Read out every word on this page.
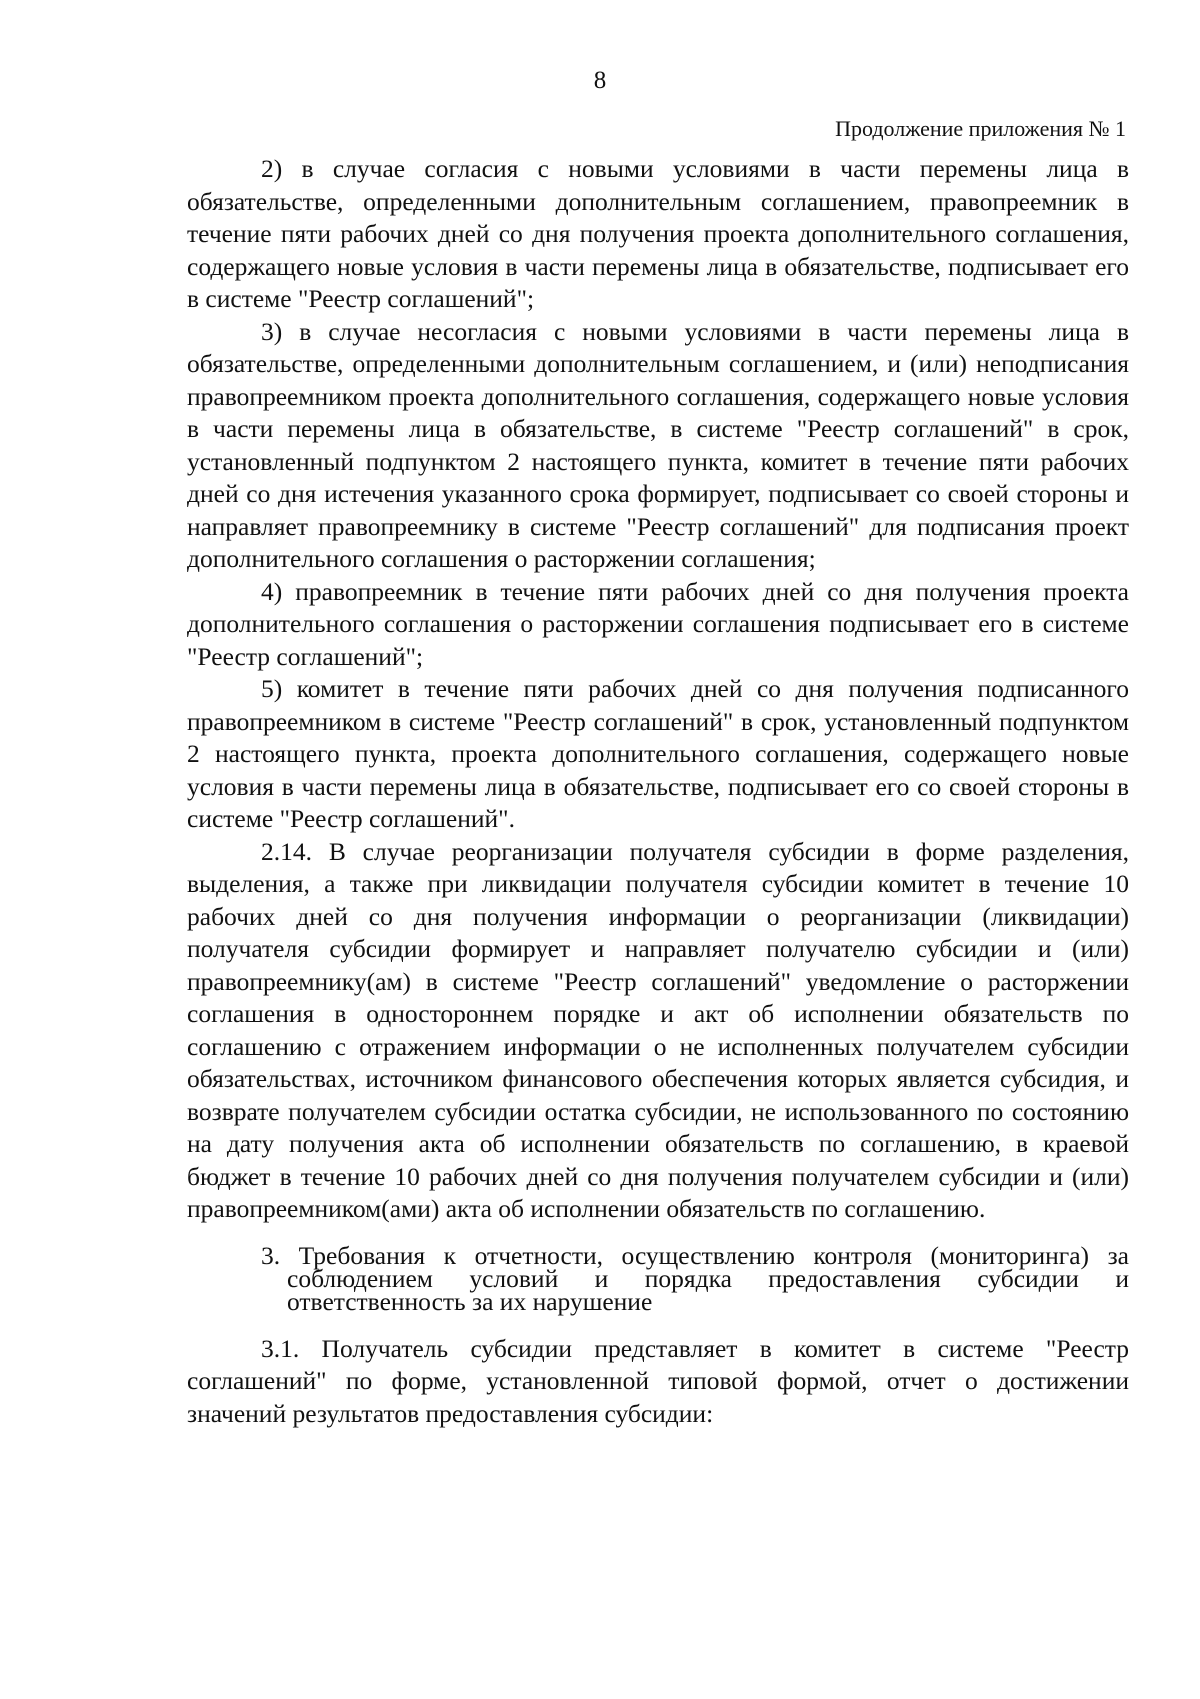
8
Продолжение приложения № 1

2) в случае согласия с новыми условиями в части перемены лица в обязательстве, определенными дополнительным соглашением, правопреемник в течение пяти рабочих дней со дня получения проекта дополнительного соглашения, содержащего новые условия в части перемены лица в обязательстве, подписывает его в системе "Реестр соглашений";

3) в случае несогласия с новыми условиями в части перемены лица в обязательстве, определенными дополнительным соглашением, и (или) неподписания правопреемником проекта дополнительного соглашения, содержащего новые условия в части перемены лица в обязательстве, в системе "Реестр соглашений" в срок, установленный подпунктом 2 настоящего пункта, комитет в течение пяти рабочих дней со дня истечения указанного срока формирует, подписывает со своей стороны и направляет правопреемнику в системе "Реестр соглашений" для подписания проект дополнительного соглашения о расторжении соглашения;

4) правопреемник в течение пяти рабочих дней со дня получения проекта дополнительного соглашения о расторжении соглашения подписывает его в системе "Реестр соглашений";

5) комитет в течение пяти рабочих дней со дня получения подписанного правопреемником в системе "Реестр соглашений" в срок, установленный подпунктом 2 настоящего пункта, проекта дополнительного соглашения, содержащего новые условия в части перемены лица в обязательстве, подписывает его со своей стороны в системе "Реестр соглашений".

2.14. В случае реорганизации получателя субсидии в форме разделения, выделения, а также при ликвидации получателя субсидии комитет в течение 10 рабочих дней со дня получения информации о реорганизации (ликвидации) получателя субсидии формирует и направляет получателю субсидии и (или) правопреемнику(ам) в системе "Реестр соглашений" уведомление о расторжении соглашения в одностороннем порядке и акт об исполнении обязательств по соглашению с отражением информации о не исполненных получателем субсидии обязательствах, источником финансового обеспечения которых является субсидия, и возврате получателем субсидии остатка субсидии, не использованного по состоянию на дату получения акта об исполнении обязательств по соглашению, в краевой бюджет в течение 10 рабочих дней со дня получения получателем субсидии и (или) правопреемником(ами) акта об исполнении обязательств по соглашению.

3. Требования к отчетности, осуществлению контроля (мониторинга) за соблюдением условий и порядка предоставления субсидии и ответственность за их нарушение

3.1. Получатель субсидии представляет в комитет в системе "Реестр соглашений" по форме, установленной типовой формой, отчет о достижении значений результатов предоставления субсидии:
